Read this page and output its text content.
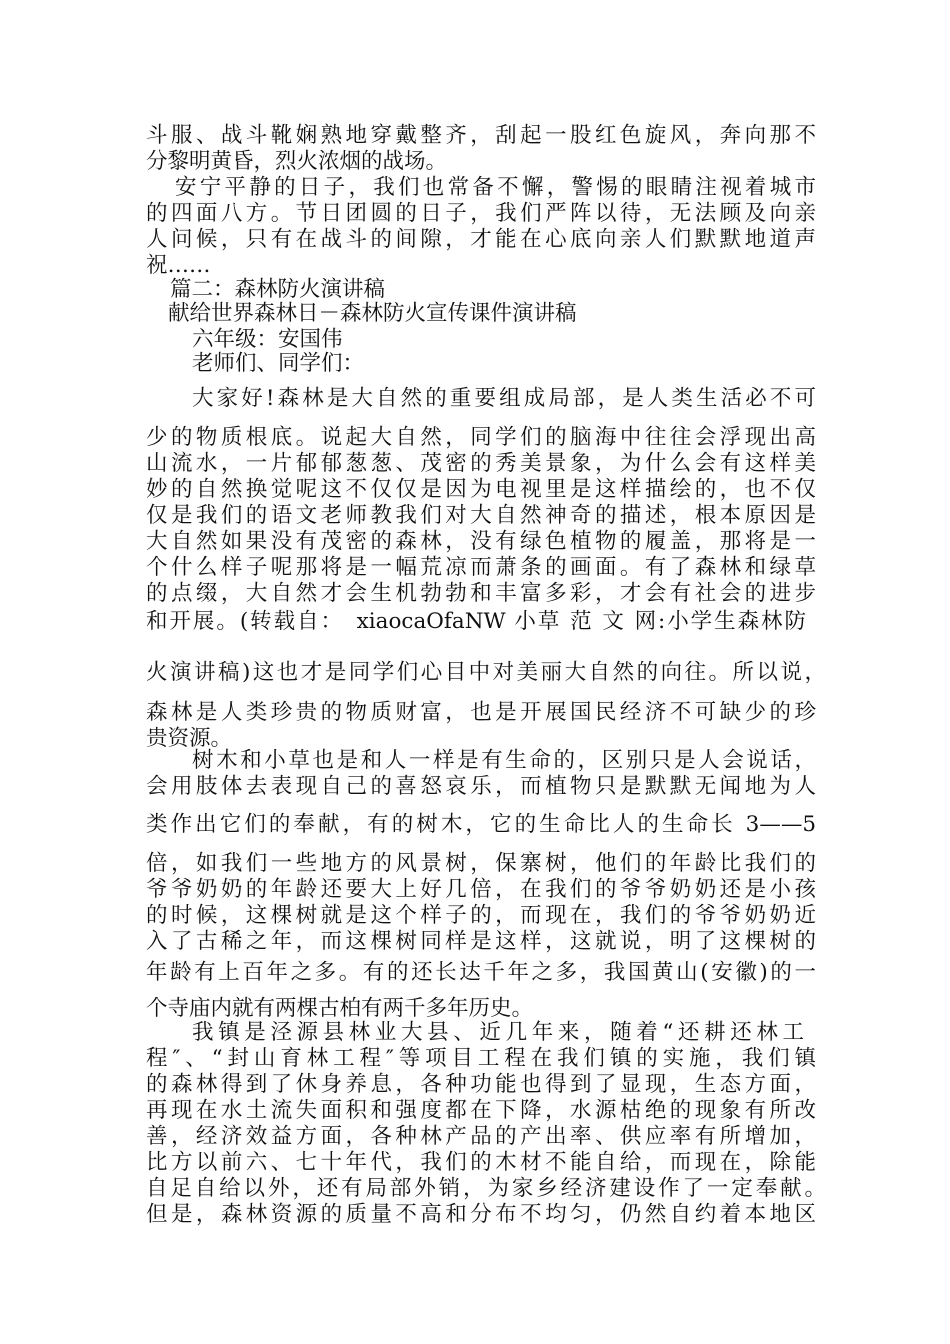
斗服、战斗靴娴熟地穿戴整齐，刮起一股红色旋风，奔向那不
分黎明黄昏，烈火浓烟的战场。
安宁平静的日子，我们也常备不懈，警惕的眼睛注视着城市
的四面八方。节日团圆的日子，我们严阵以待，无法顾及向亲
人问候，只有在战斗的间隙，才能在心底向亲人们默默地道声
祝……
篇二：森林防火演讲稿
献给世界森林日－森林防火宣传课件演讲稿
六年级：安国伟
老师们、同学们：
大家好!森林是大自然的重要组成局部，是人类生活必不可
少的物质根底。说起大自然，同学们的脑海中往往会浮现出高
山流水，一片郁郁葱葱、茂密的秀美景象，为什么会有这样美
妙的自然换觉呢这不仅仅是因为电视里是这样描绘的，也不仅
仅是我们的语文老师教我们对大自然神奇的描述，根本原因是
大自然如果没有茂密的森林，没有绿色植物的履盖，那将是一
个什么样子呢那将是一幅荒凉而萧条的画面。有了森林和绿草
的点缀，大自然才会生机勃勃和丰富多彩，才会有社会的进步
和开展。(转载自：　xiaocaOfaNW 小草 范 文 网:小学生森林防
火演讲稿)这也才是同学们心目中对美丽大自然的向往。所以说，
森林是人类珍贵的物质财富，也是开展国民经济不可缺少的珍
贵资源。
树木和小草也是和人一样是有生命的，区别只是人会说话，
会用肢体去表现自己的喜怒哀乐，而植物只是默默无闻地为人
类作出它们的奉献，有的树木，它的生命比人的生命长 3——5
倍，如我们一些地方的风景树，保寨树，他们的年龄比我们的
爷爷奶奶的年龄还要大上好几倍，在我们的爷爷奶奶还是小孩
的时候，这棵树就是这个样子的，而现在，我们的爷爷奶奶近
入了古稀之年，而这棵树同样是这样，这就说，明了这棵树的
年龄有上百年之多。有的还长达千年之多，我国黄山(安徽)的一
个寺庙内就有两棵古柏有两千多年历史。
我镇是泾源县林业大县、近几年来，随着“还耕还林工
程″、“封山育林工程″等项目工程在我们镇的实施，我们镇
的森林得到了休身养息，各种功能也得到了显现，生态方面，
再现在水土流失面积和强度都在下降，水源枯绝的现象有所改
善，经济效益方面，各种林产品的产出率、供应率有所增加，
比方以前六、七十年代，我们的木材不能自给，而现在，除能
自足自给以外，还有局部外销，为家乡经济建设作了一定奉献。
但是，森林资源的质量不高和分布不均匀，仍然自约着本地区
